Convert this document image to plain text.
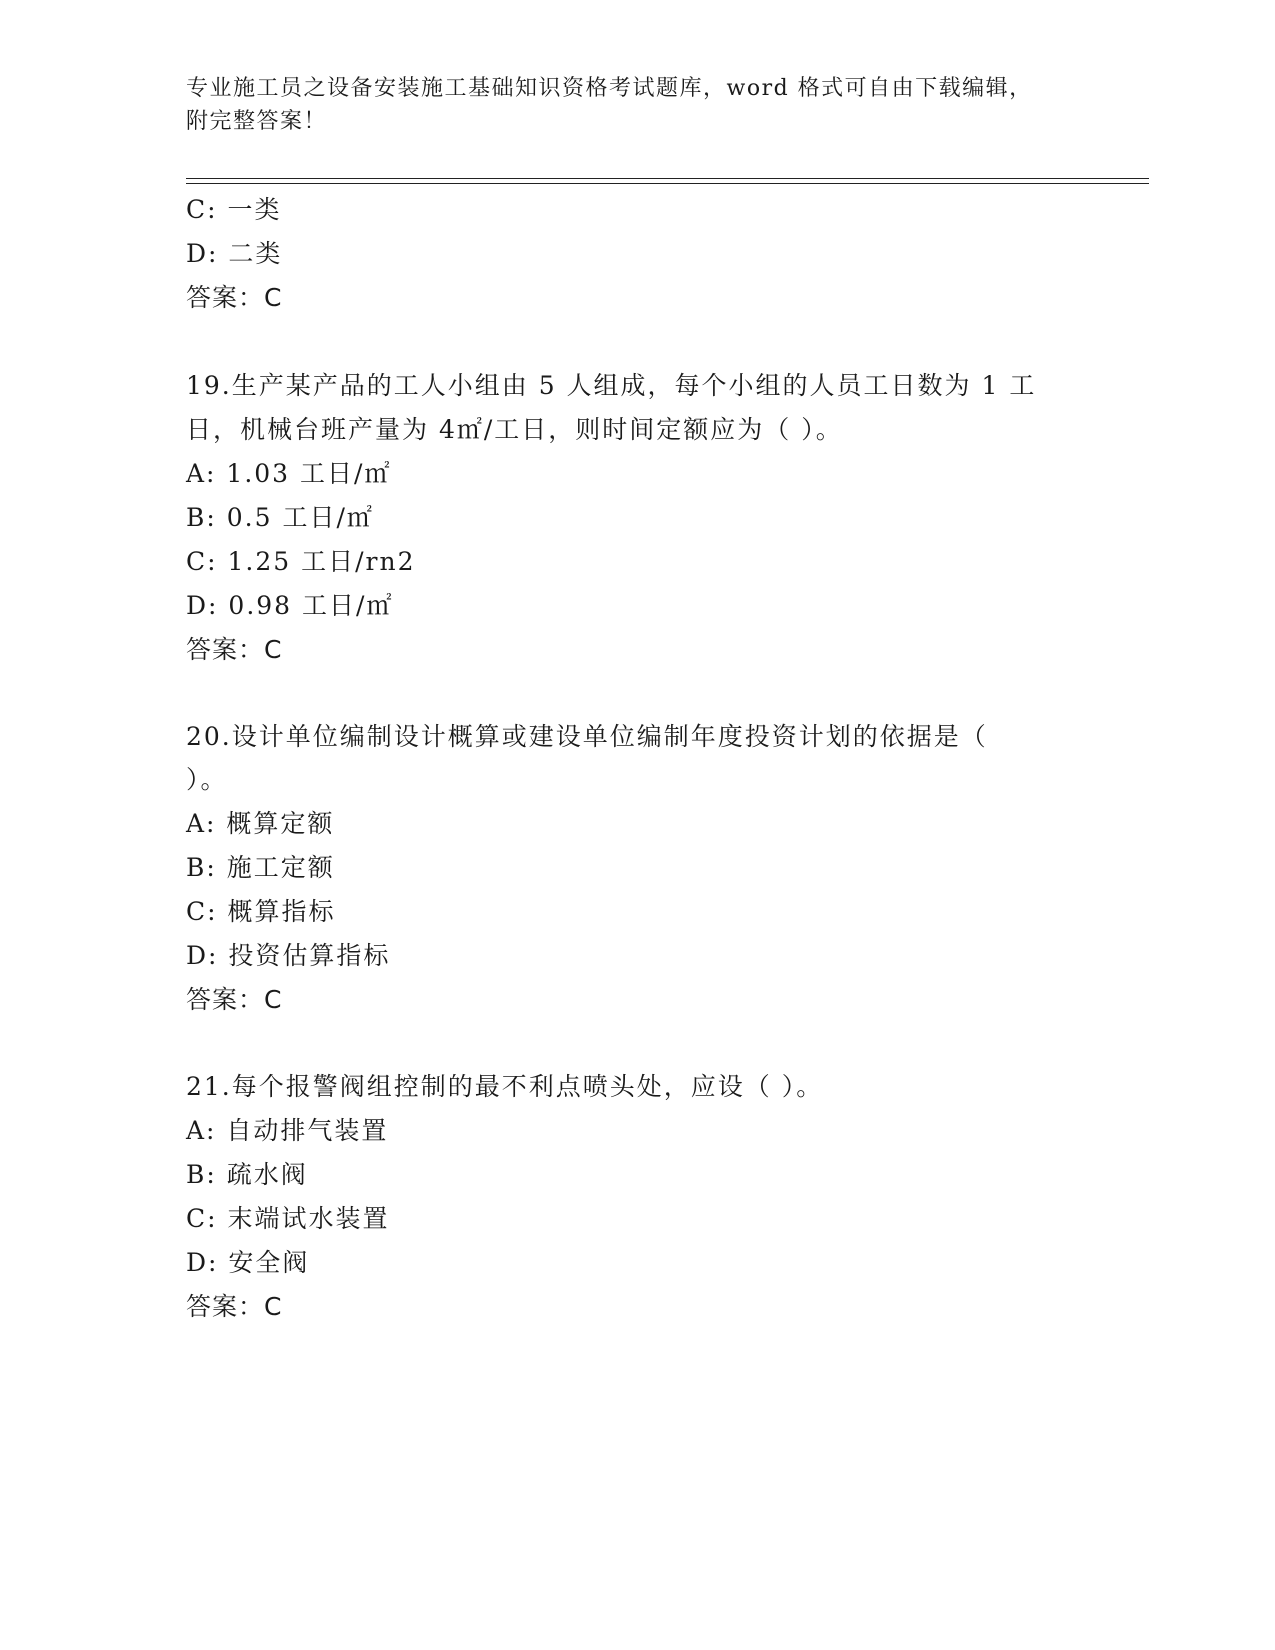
专业施工员之设备安装施工基础知识资格考试题库，word 格式可自由下载编辑，
附完整答案！
C: 一类
D: 二类
答案：C
19.生产某产品的工人小组由 5 人组成，每个小组的人员工日数为 1 工
日，机械台班产量为 4㎡/工日，则时间定额应为（ ）。
A: 1.03 工日/㎡
B: 0.5 工日/㎡
C: 1.25 工日/rn2
D: 0.98 工日/㎡
答案：C
20.设计单位编制设计概算或建设单位编制年度投资计划的依据是（
）。
A: 概算定额
B: 施工定额
C: 概算指标
D: 投资估算指标
答案：C
21.每个报警阀组控制的最不利点喷头处，应设（ ）。
A: 自动排气装置
B: 疏水阀
C: 末端试水装置
D: 安全阀
答案：C
